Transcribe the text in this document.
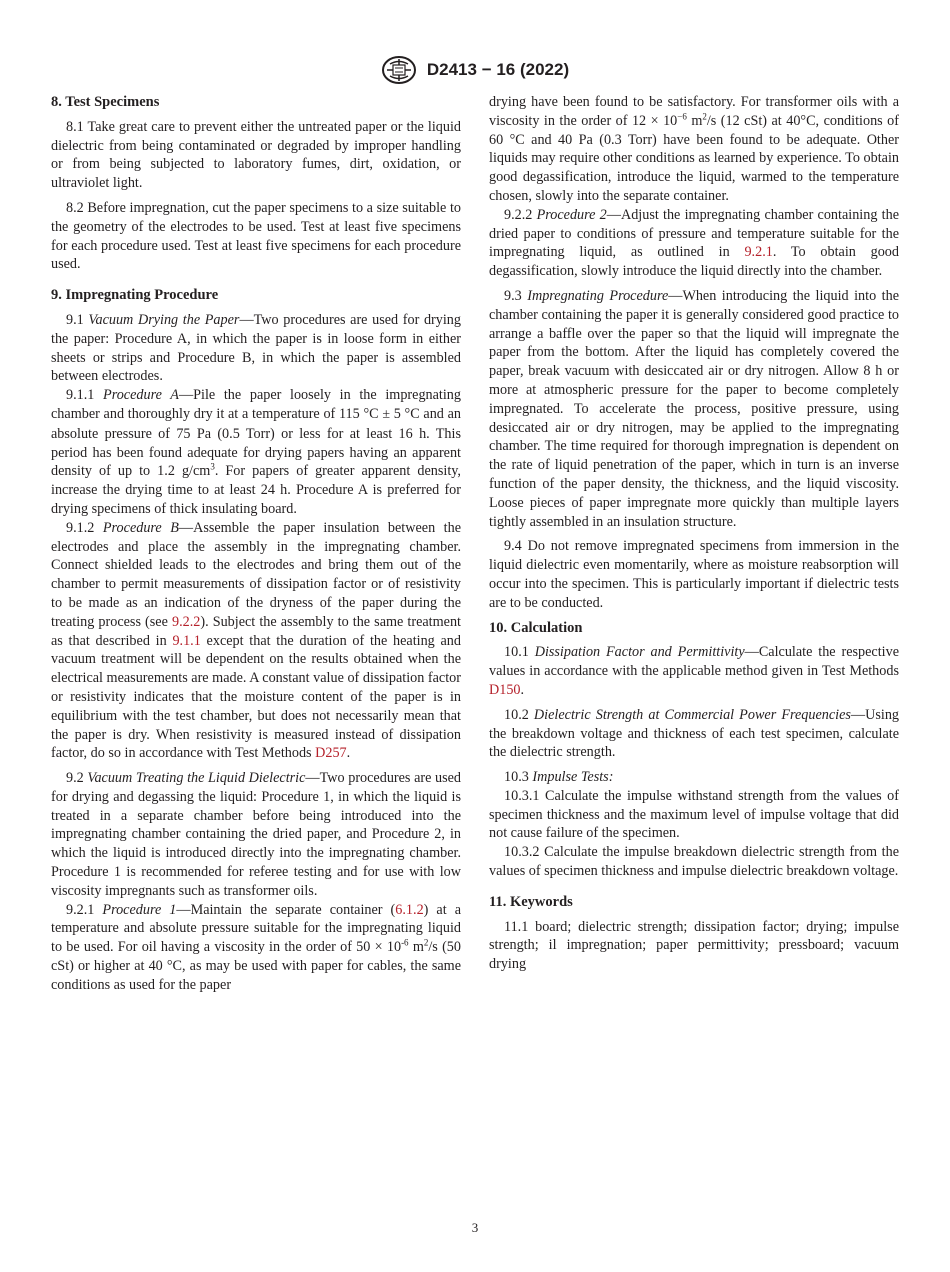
D2413 − 16 (2022)
8. Test Specimens

8.1 Take great care to prevent either the untreated paper or the liquid dielectric from being contaminated or degraded by improper handling or from being subjected to laboratory fumes, dirt, oxidation, or ultraviolet light.

8.2 Before impregnation, cut the paper specimens to a size suitable to the geometry of the electrodes to be used. Test at least five specimens for each procedure used. Test at least five specimens for each procedure used.

9. Impregnating Procedure

9.1 Vacuum Drying the Paper—Two procedures are used for drying the paper: Procedure A, in which the paper is in loose form in either sheets or strips and Procedure B, in which the paper is assembled between electrodes.

9.1.1 Procedure A—Pile the paper loosely in the impregnating chamber and thoroughly dry it at a temperature of 115 °C ± 5 °C and an absolute pressure of 75 Pa (0.5 Torr) or less for at least 16 h. This period has been found adequate for drying papers having an apparent density of up to 1.2 $g/cm^3$. For papers of greater apparent density, increase the drying time to at least 24 h. Procedure A is preferred for drying specimens of thick insulating board.

9.1.2 Procedure B—Assemble the paper insulation between the electrodes and place the assembly in the impregnating chamber. Connect shielded leads to the electrodes and bring them out of the chamber to permit measurements of dissipation factor or of resistivity to be made as an indication of the dryness of the paper during the treating process (see 9.2.2). Subject the assembly to the same treatment as that described in 9.1.1 except that the duration of the heating and vacuum treatment will be dependent on the results obtained when the electrical measurements are made. A constant value of dissipation factor or resistivity indicates that the moisture content of the paper is in equilibrium with the test chamber, but does not necessarily mean that the paper is dry. When resistivity is measured instead of dissipation factor, do so in accordance with Test Methods D257.

9.2 Vacuum Treating the Liquid Dielectric—Two procedures are used for drying and degassing the liquid: Procedure 1, in which the liquid is treated in a separate chamber before being introduced into the impregnating chamber containing the dried paper, and Procedure 2, in which the liquid is introduced directly into the impregnating chamber. Procedure 1 is recommended for referee testing and for use with low viscosity impregnants such as transformer oils.

9.2.1 Procedure 1—Maintain the separate container (6.1.2) at a temperature and absolute pressure suitable for the impregnating liquid to be used. For oil having a viscosity in the order of $50 \times 10^{-6}$ $m^2/s$ (50 cSt) or higher at 40 °C, as may be used with paper for cables, the same conditions as used for the paper

drying have been found to be satisfactory. For transformer oils with a viscosity in the order of $12 \times 10^{-6}$ $m^2/s$ (12 cSt) at 40°C, conditions of 60 °C and 40 Pa (0.3 Torr) have been found to be adequate. Other liquids may require other conditions as learned by experience. To obtain good degassification, introduce the liquid, warmed to the temperature chosen, slowly into the separate container.

9.2.2 Procedure 2—Adjust the impregnating chamber containing the dried paper to conditions of pressure and temperature suitable for the impregnating liquid, as outlined in 9.2.1. To obtain good degassification, slowly introduce the liquid directly into the chamber.

9.3 Impregnating Procedure—When introducing the liquid into the chamber containing the paper it is generally considered good practice to arrange a baffle over the paper so that the liquid will impregnate the paper from the bottom. After the liquid has completely covered the paper, break vacuum with desiccated air or dry nitrogen. Allow 8 h or more at atmospheric pressure for the paper to become completely impregnated. To accelerate the process, positive pressure, using desiccated air or dry nitrogen, may be applied to the impregnating chamber. The time required for thorough impregnation is dependent on the rate of liquid penetration of the paper, which in turn is an inverse function of the paper density, the thickness, and the liquid viscosity. Loose pieces of paper impregnate more quickly than multiple layers tightly assembled in an insulation structure.

9.4 Do not remove impregnated specimens from immersion in the liquid dielectric even momentarily, where as moisture reabsorption will occur into the specimen. This is particularly important if dielectric tests are to be conducted.

10. Calculation

10.1 Dissipation Factor and Permittivity—Calculate the respective values in accordance with the applicable method given in Test Methods D150.

10.2 Dielectric Strength at Commercial Power Frequencies—Using the breakdown voltage and thickness of each test specimen, calculate the dielectric strength.

10.3 Impulse Tests:

10.3.1 Calculate the impulse withstand strength from the values of specimen thickness and the maximum level of impulse voltage that did not cause failure of the specimen.

10.3.2 Calculate the impulse breakdown dielectric strength from the values of specimen thickness and impulse dielectric breakdown voltage.

11. Keywords

11.1 board; dielectric strength; dissipation factor; drying; impulse strength; il impregnation; paper permittivity; pressboard; vacuum drying

3
